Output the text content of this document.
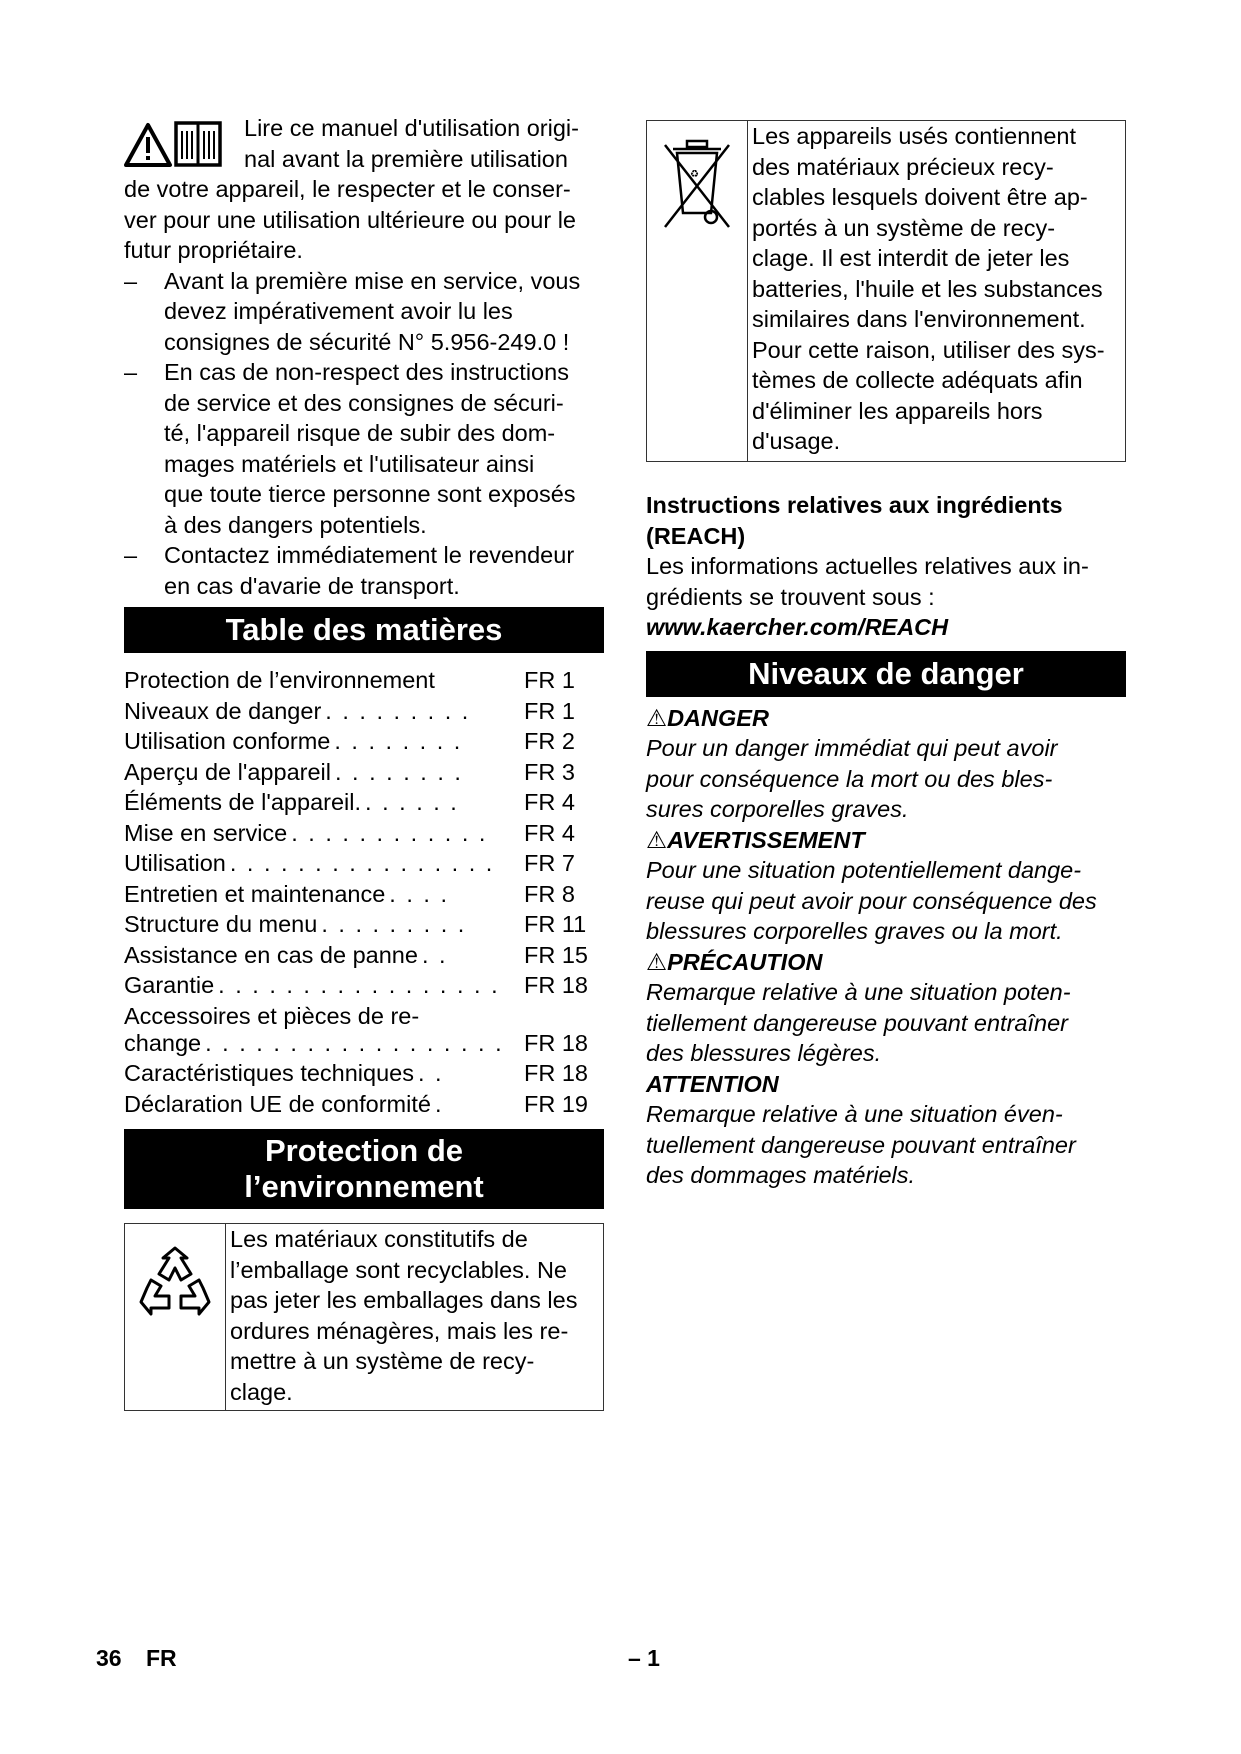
Lire ce manuel d'utilisation origi-
nal avant la première utilisation
de votre appareil, le respecter et le conser-
ver pour une utilisation ultérieure ou pour le
futur propriétaire.

– Avant la première mise en service, vous
devez impérativement avoir lu les
consignes de sécurité N° 5.956-249.0 !
– En cas de non-respect des instructions
de service et des consignes de sécuri-
té, l'appareil risque de subir des dom-
mages matériels et l'utilisateur ainsi
que toute tierce personne sont exposés
à des dangers potentiels.
– Contactez immédiatement le revendeur
en cas d'avarie de transport.
Table des matières
Protection de l’environnement	FR 1
Niveaux de danger . . . . . . . . .	FR 1
Utilisation conforme . . . . . . . .	FR 2
Aperçu de l'appareil . . . . . . . .	FR 3
Éléments de l'appareil. . . . . . .	FR 4
Mise en service . . . . . . . . . . . .	FR 4
Utilisation . . . . . . . . . . . . . . . .	FR 7
Entretien et maintenance . . . .	FR 8
Structure du menu . . . . . . . . .	FR 11
Assistance en cas de panne . .	FR 15
Garantie . . . . . . . . . . . . . . . . .	FR 18
Accessoires et pièces de re-
change . . . . . . . . . . . . . . . . . . FR 18
Caractéristiques techniques . .	FR 18
Déclaration UE de conformité .	FR 19
Protection de
l’environnement
Les matériaux constitutifs de
l’emballage sont recyclables. Ne
pas jeter les emballages dans les
ordures ménagères, mais les re-
mettre à un système de recy-
clage.
♻
Les appareils usés contiennent
des matériaux précieux recy-
clables lesquels doivent être ap-
portés à un système de recy-
clage. Il est interdit de jeter les
batteries, l'huile et les substances
similaires dans l'environnement.
Pour cette raison, utiliser des sys-
tèmes de collecte adéquats afin
d'éliminer les appareils hors
d'usage.
Instructions relatives aux ingrédients
(REACH)
Les informations actuelles relatives aux in-
grédients se trouvent sous :
www.kaercher.com/REACH
Niveaux de danger
⚠DANGER
Pour un danger immédiat qui peut avoir
pour conséquence la mort ou des bles-
sures corporelles graves.
⚠AVERTISSEMENT
Pour une situation potentiellement dange-
reuse qui peut avoir pour conséquence des
blessures corporelles graves ou la mort.
⚠PRÉCAUTION
Remarque relative à une situation poten-
tiellement dangereuse pouvant entraîner
des blessures légères.
ATTENTION
Remarque relative à une situation éven-
tuellement dangereuse pouvant entraîner
des dommages matériels.
36 FR	– 1
